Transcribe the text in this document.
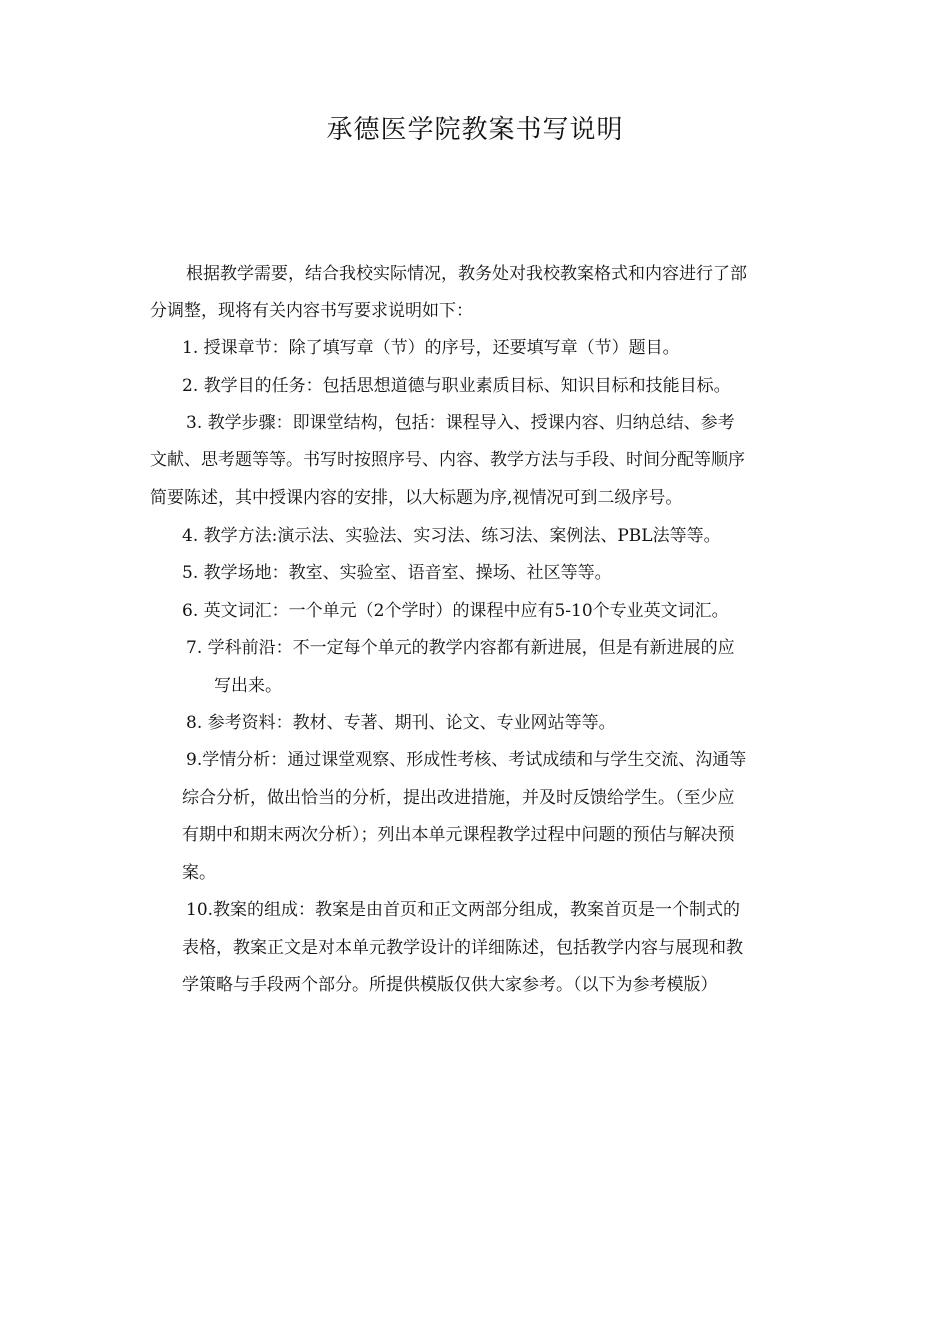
承德医学院教案书写说明
根据教学需要，结合我校实际情况，教务处对我校教案格式和内容进行了部
分调整，现将有关内容书写要求说明如下：
1. 授课章节：除了填写章（节）的序号，还要填写章（节）题目。
2. 教学目的任务：包括思想道德与职业素质目标、知识目标和技能目标。
3. 教学步骤：即课堂结构，包括：课程导入、授课内容、归纳总结、参考
文献、思考题等等。书写时按照序号、内容、教学方法与手段、时间分配等顺序
简要陈述，其中授课内容的安排，以大标题为序,视情况可到二级序号。
4. 教学方法:演示法、实验法、实习法、练习法、案例法、PBL法等等。
5. 教学场地：教室、实验室、语音室、操场、社区等等。
6. 英文词汇：一个单元（2个学时）的课程中应有5-10个专业英文词汇。
7. 学科前沿：不一定每个单元的教学内容都有新进展，但是有新进展的应
写出来。
8. 参考资料：教材、专著、期刊、论文、专业网站等等。
9.学情分析：通过课堂观察、形成性考核、考试成绩和与学生交流、沟通等
综合分析，做出恰当的分析，提出改进措施，并及时反馈给学生。（至少应
有期中和期末两次分析）；列出本单元课程教学过程中问题的预估与解决预
案。
10.教案的组成：教案是由首页和正文两部分组成，教案首页是一个制式的
表格，教案正文是对本单元教学设计的详细陈述，包括教学内容与展现和教
学策略与手段两个部分。所提供模版仅供大家参考。（以下为参考模版）
